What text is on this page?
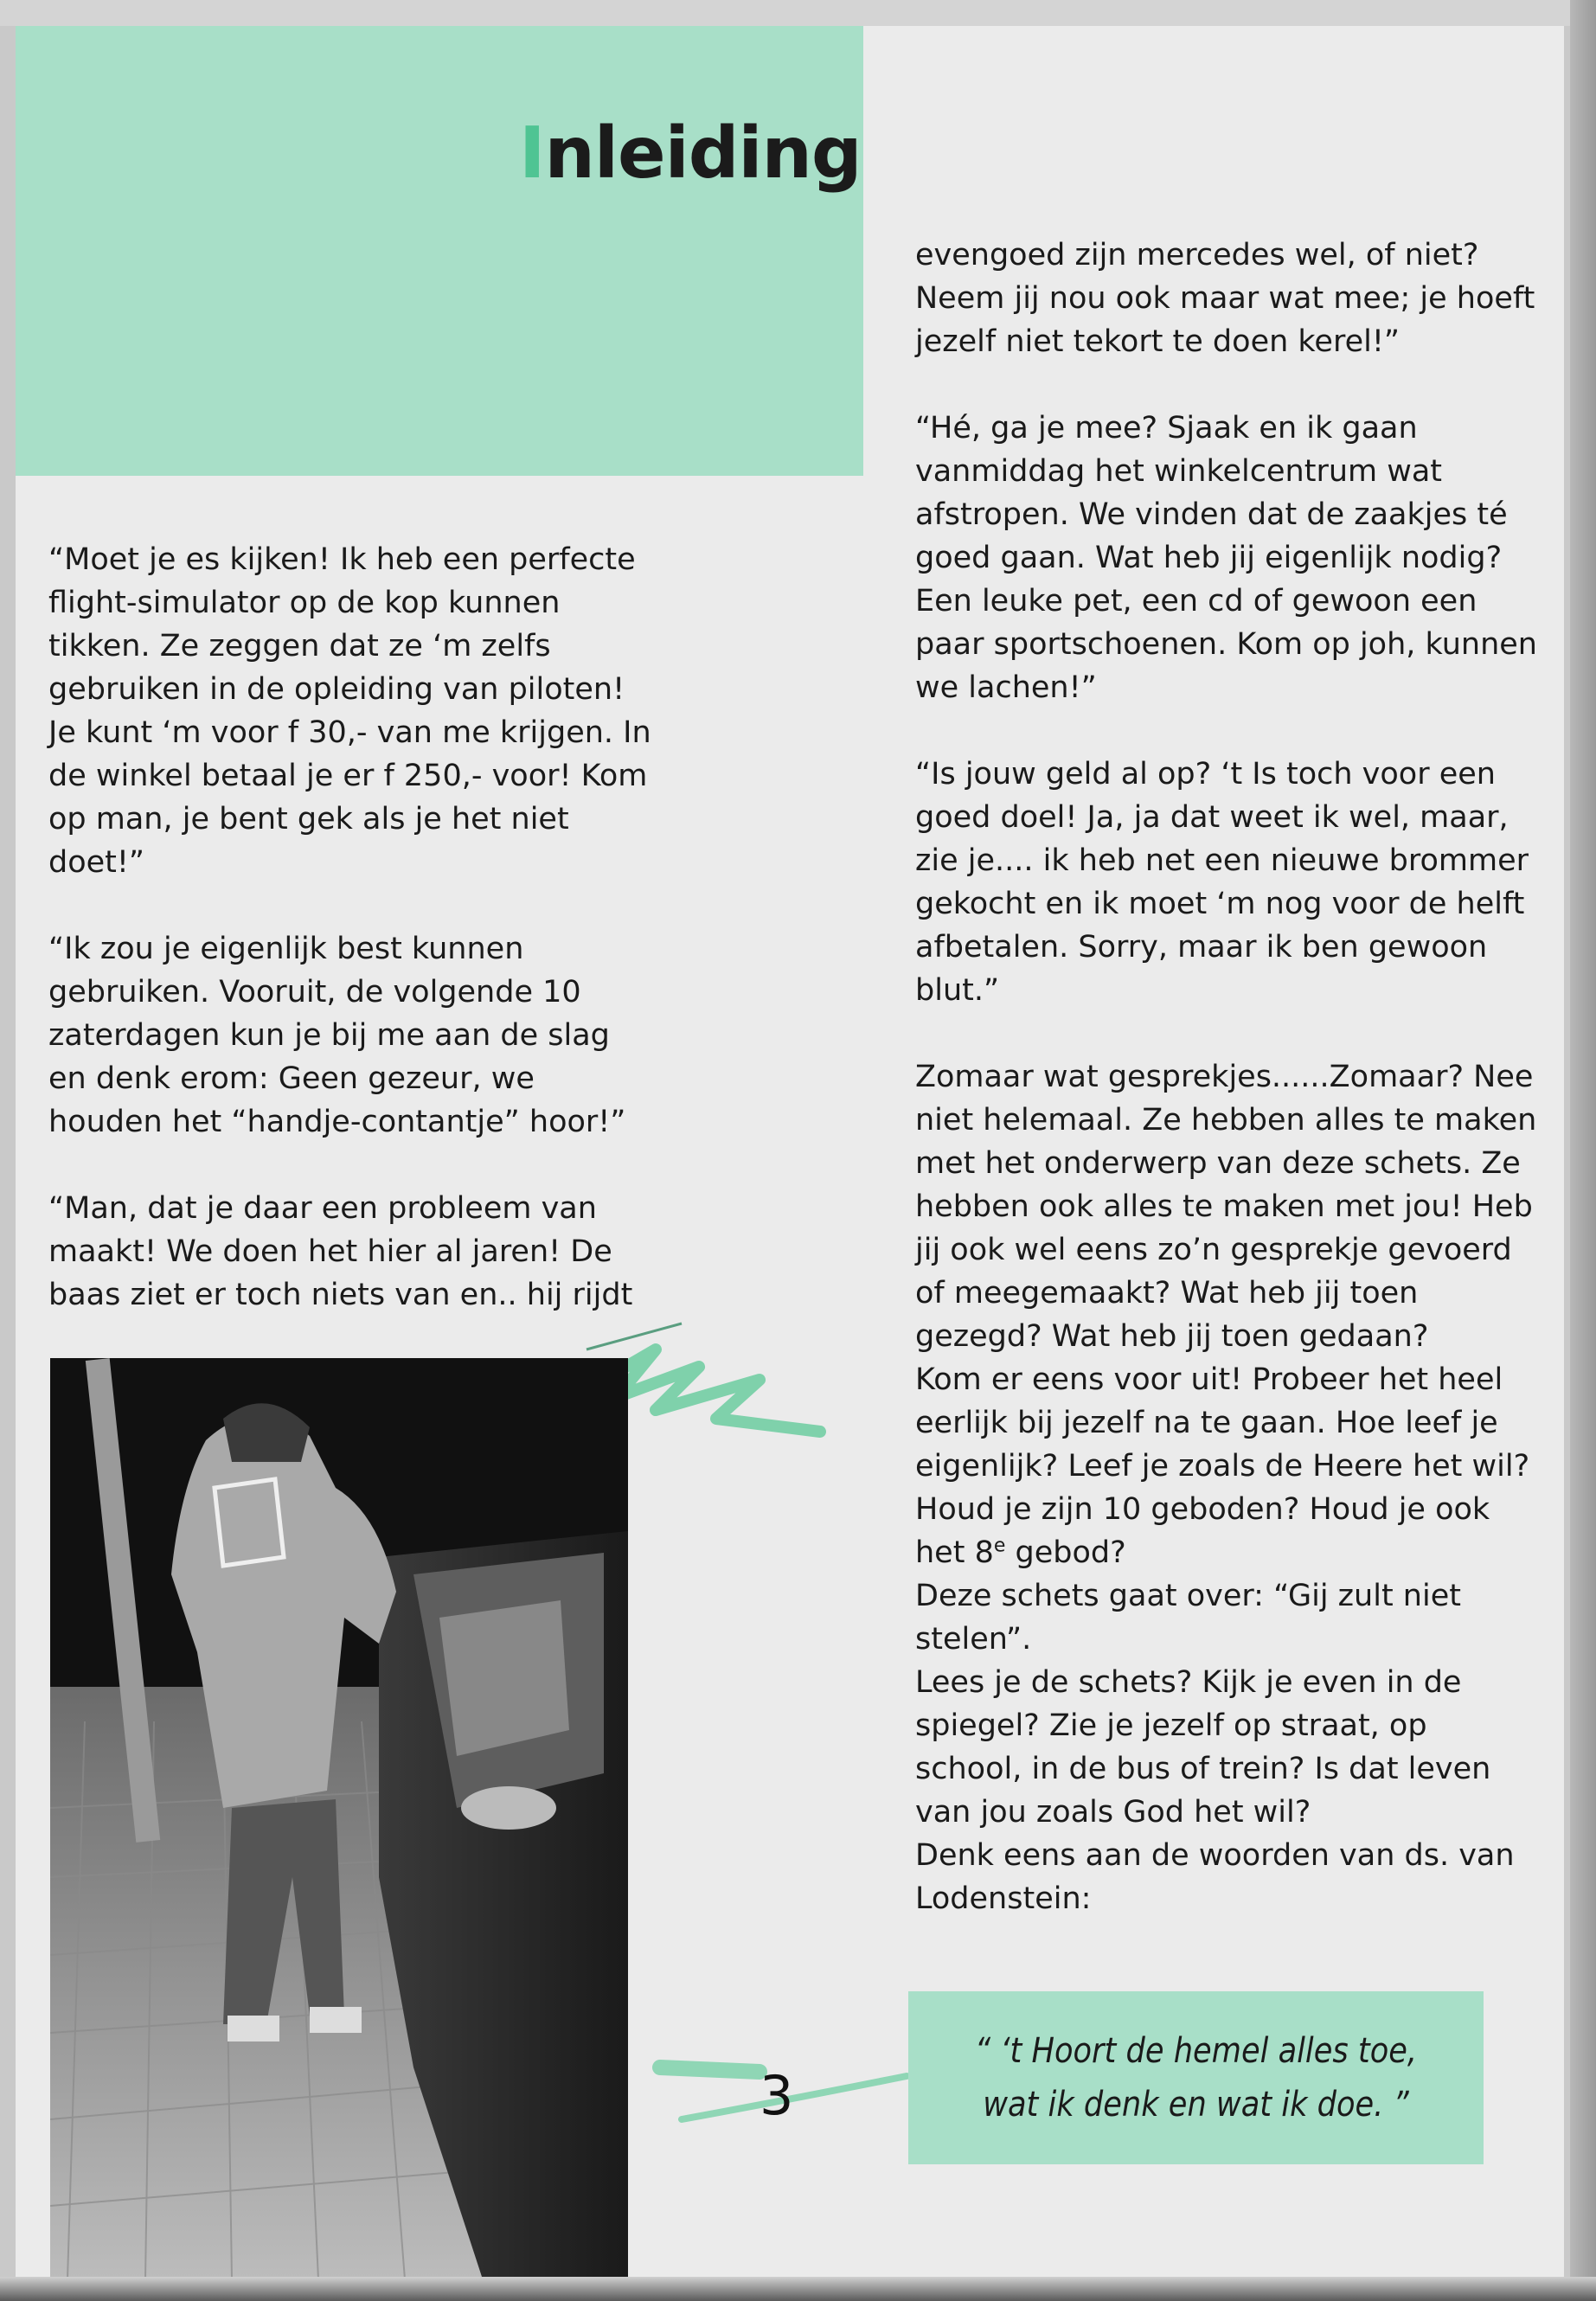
Inleiding

“Moet je es kijken! Ik heb een perfecte flight-simulator op de kop kunnen tikken. Ze zeggen dat ze ‘m zelfs gebruiken in de opleiding van piloten! Je kunt ‘m voor f 30,- van me krijgen. In de winkel betaal je er f 250,- voor! Kom op man, je bent gek als je het niet doet!”

“Ik zou je eigenlijk best kunnen gebruiken. Vooruit, de volgende 10 zaterdagen kun je bij me aan de slag en denk erom: Geen gezeur, we houden het “handje-contantje” hoor!”

“Man, dat je daar een probleem van maakt! We doen het hier al jaren! De baas ziet er toch niets van en.. hij rijdt

evengoed zijn mercedes wel, of niet? Neem jij nou ook maar wat mee; je hoeft jezelf niet tekort te doen kerel!”

“Hé, ga je mee? Sjaak en ik gaan vanmiddag het winkelcentrum wat afstropen. We vinden dat de zaakjes té goed gaan. Wat heb jij eigenlijk nodig? Een leuke pet, een cd of gewoon een paar sportschoenen. Kom op joh, kunnen we lachen!”

“Is jouw geld al op? ‘t Is toch voor een goed doel! Ja, ja dat weet ik wel, maar, zie je.... ik heb net een nieuwe brommer gekocht en ik moet ‘m nog voor de helft afbetalen. Sorry, maar ik ben gewoon blut.”

Zomaar wat gesprekjes......Zomaar? Nee niet helemaal. Ze hebben alles te maken met het onderwerp van deze schets. Ze hebben ook alles te maken met jou! Heb jij ook wel eens zo’n gesprekje gevoerd of meegemaakt? Wat heb jij toen gezegd? Wat heb jij toen gedaan?

Kom er eens voor uit! Probeer het heel eerlijk bij jezelf na te gaan. Hoe leef je eigenlijk? Leef je zoals de Heere het wil? Houd je zijn 10 geboden? Houd je ook het 8e gebod?

Deze schets gaat over: “Gij zult niet stelen”.

Lees je de schets? Kijk je even in de spiegel? Zie je jezelf op straat, op school, in de bus of trein? Is dat leven van jou zoals God het wil?

Denk eens aan de woorden van ds. van Lodenstein:

3
“ ‘t Hoort de hemel alles toe,
wat ik denk en wat ik doe. ”
